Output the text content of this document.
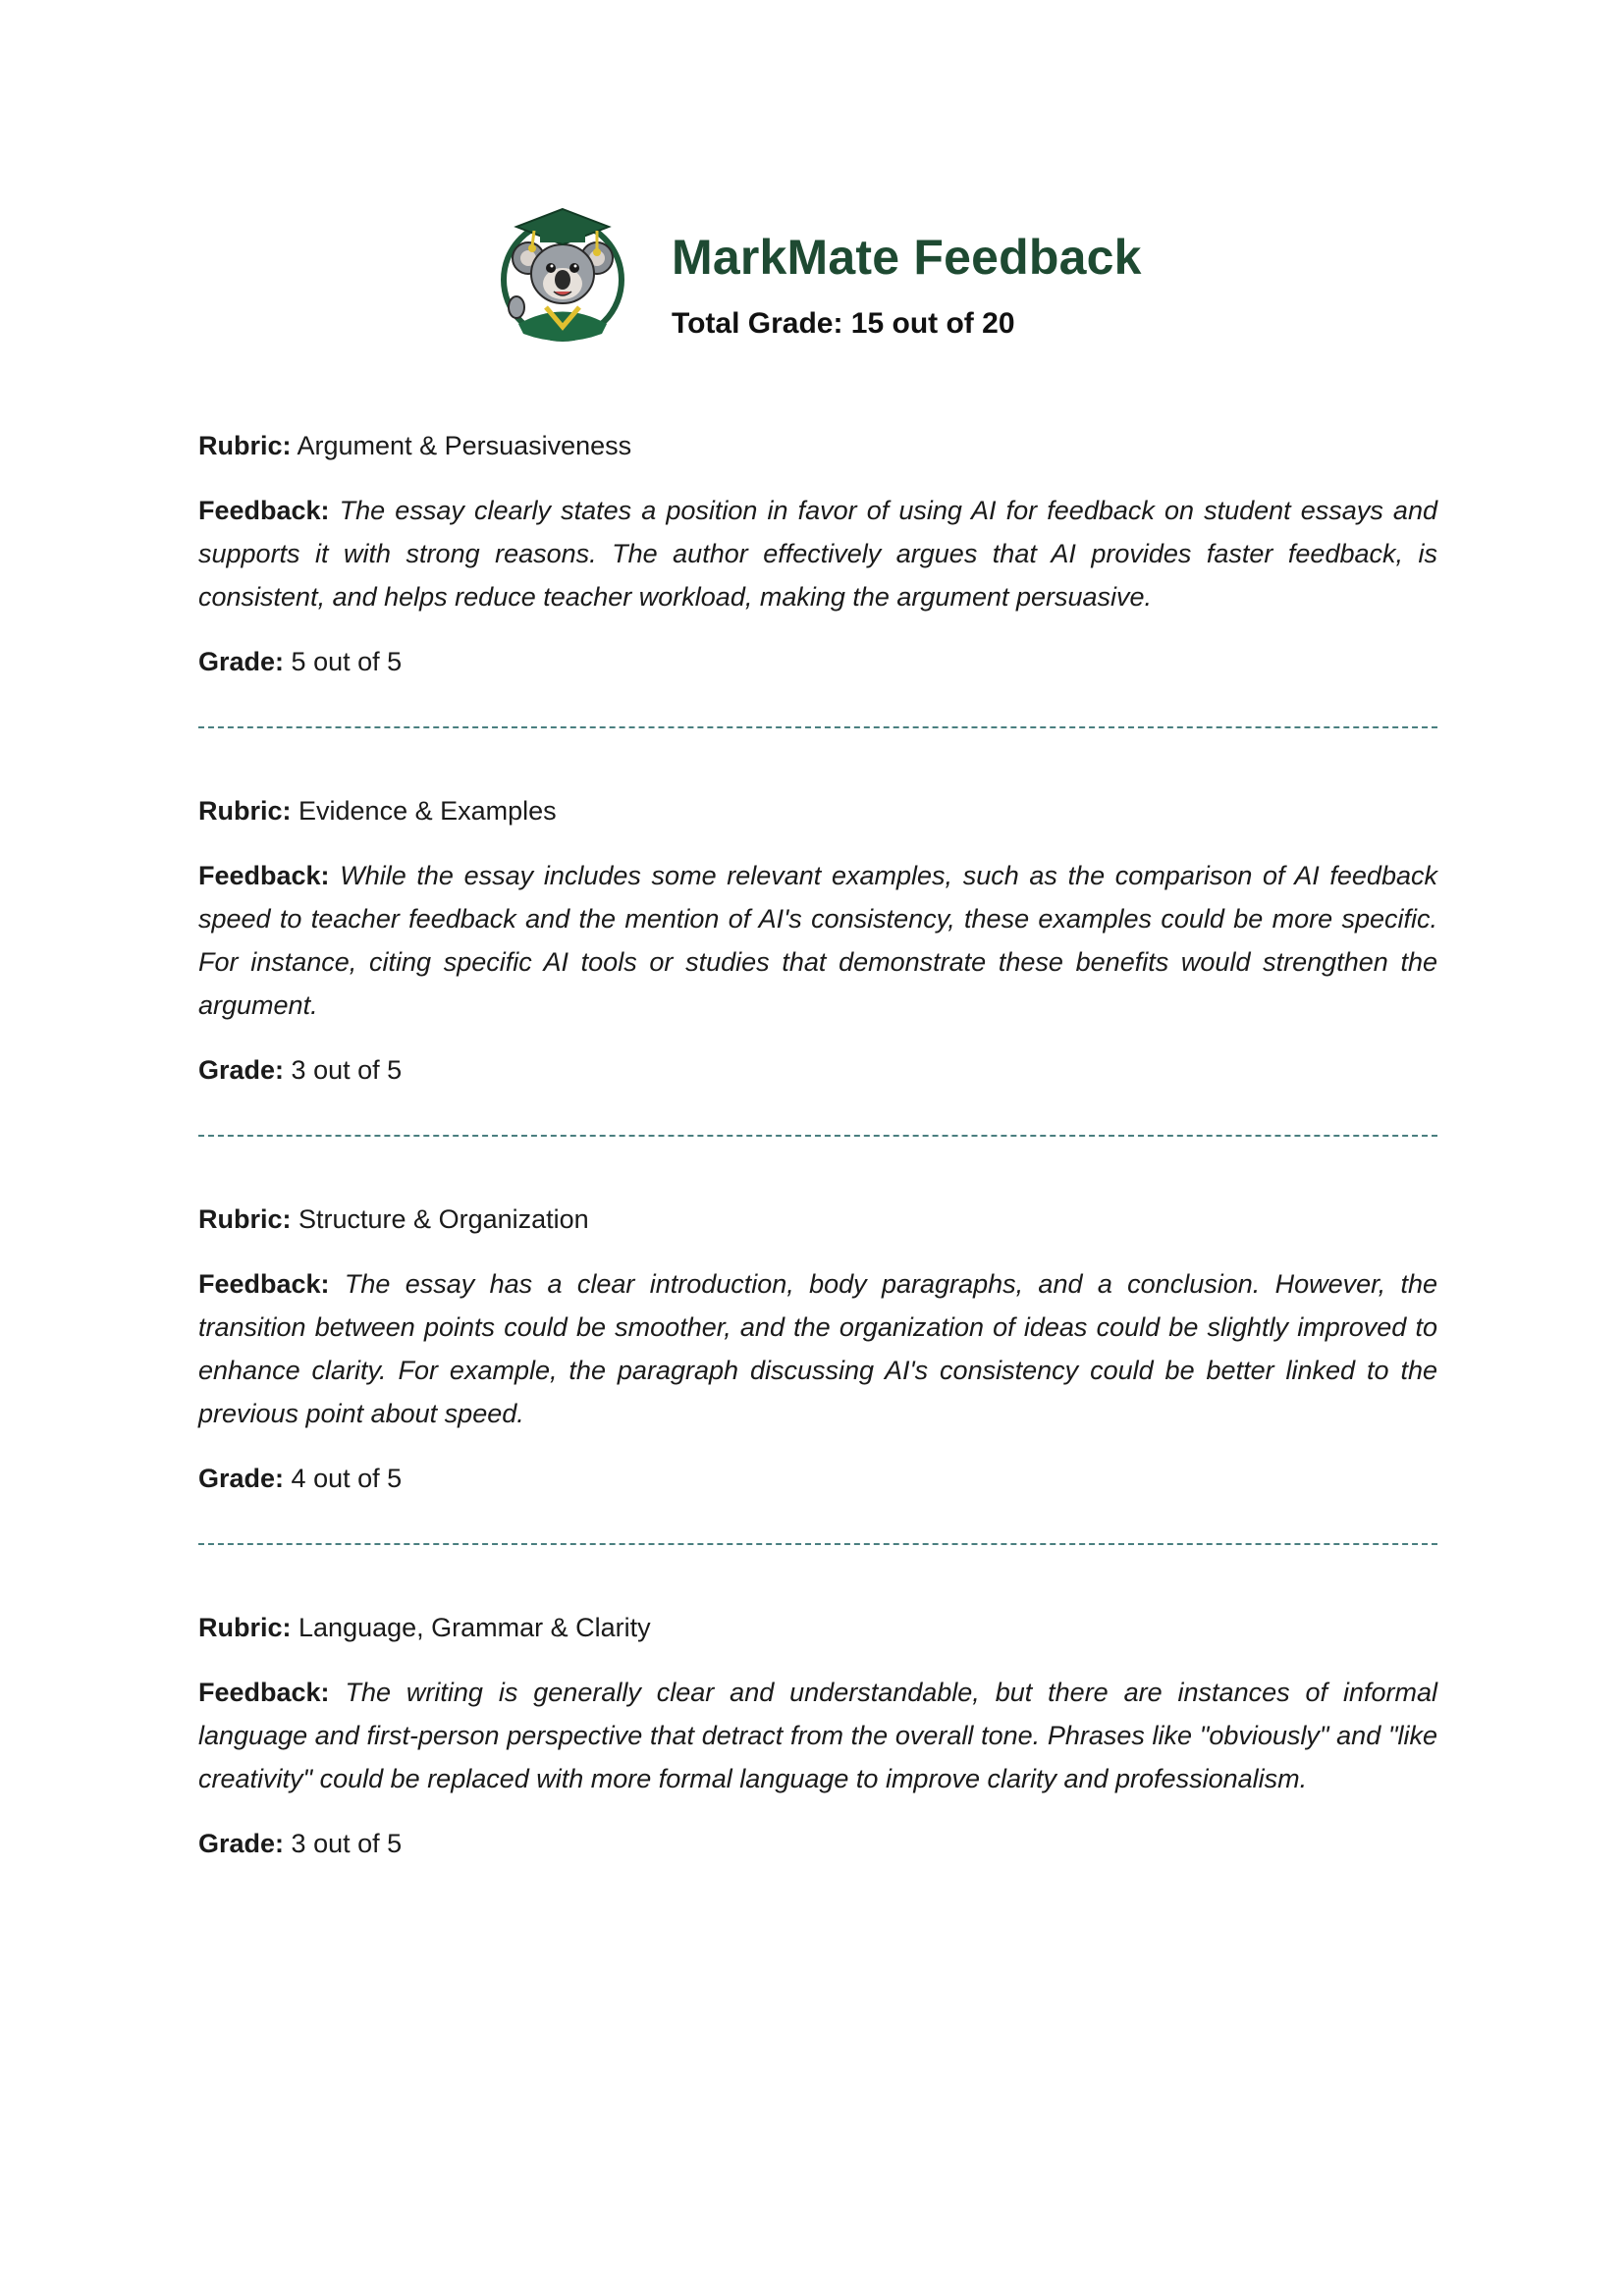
MarkMate Feedback
Total Grade: 15 out of 20
Rubric: Argument & Persuasiveness
Feedback: The essay clearly states a position in favor of using AI for feedback on student essays and supports it with strong reasons. The author effectively argues that AI provides faster feedback, is consistent, and helps reduce teacher workload, making the argument persuasive.
Grade: 5 out of 5
Rubric: Evidence & Examples
Feedback: While the essay includes some relevant examples, such as the comparison of AI feedback speed to teacher feedback and the mention of AI's consistency, these examples could be more specific. For instance, citing specific AI tools or studies that demonstrate these benefits would strengthen the argument.
Grade: 3 out of 5
Rubric: Structure & Organization
Feedback: The essay has a clear introduction, body paragraphs, and a conclusion. However, the transition between points could be smoother, and the organization of ideas could be slightly improved to enhance clarity. For example, the paragraph discussing AI's consistency could be better linked to the previous point about speed.
Grade: 4 out of 5
Rubric: Language, Grammar & Clarity
Feedback: The writing is generally clear and understandable, but there are instances of informal language and first-person perspective that detract from the overall tone. Phrases like "obviously" and "like creativity" could be replaced with more formal language to improve clarity and professionalism.
Grade: 3 out of 5
